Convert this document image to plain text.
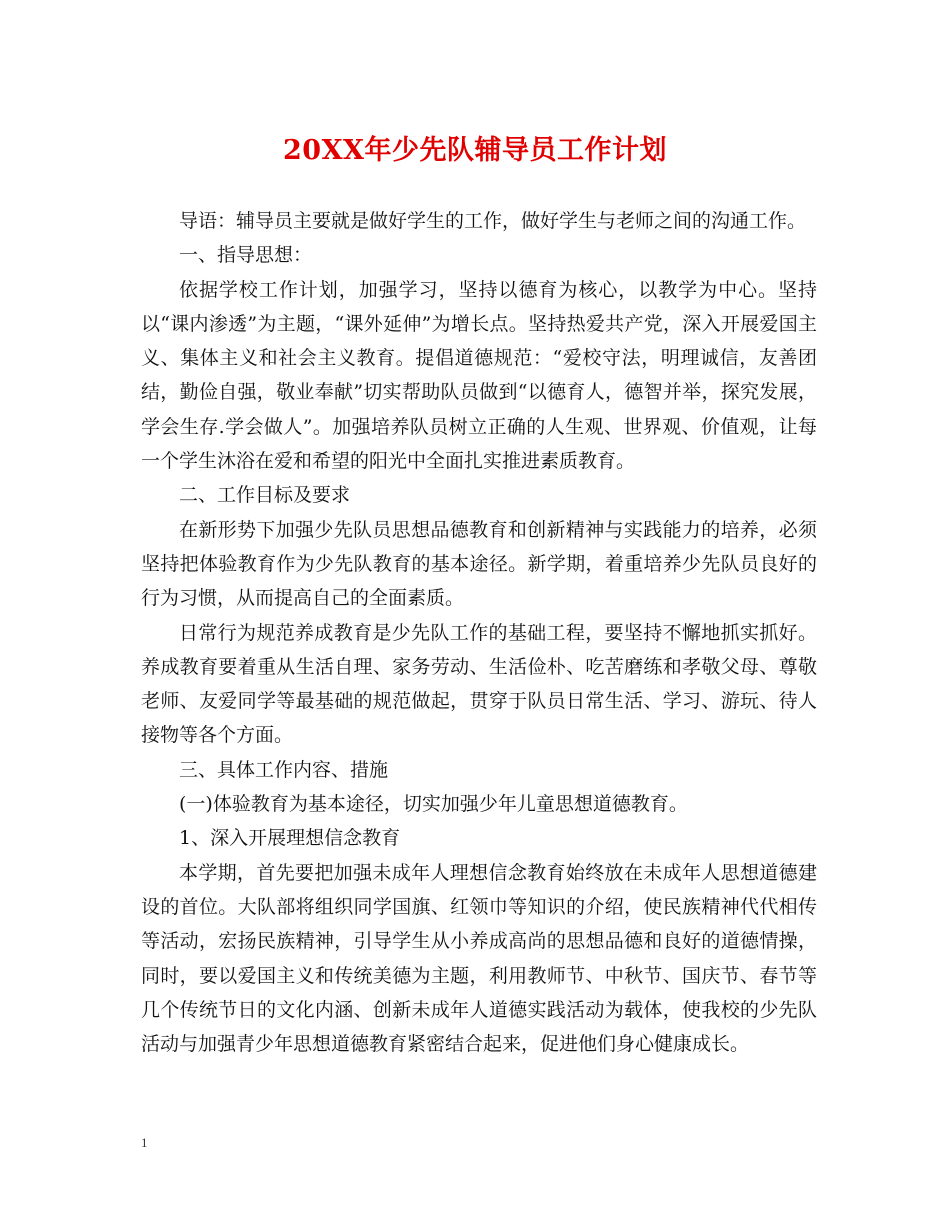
20XX年少先队辅导员工作计划

导语：辅导员主要就是做好学生的工作，做好学生与老师之间的沟通工作。

一、指导思想：

依据学校工作计划，加强学习，坚持以德育为核心，以教学为中心。坚持以“课内渗透”为主题，“课外延伸”为增长点。坚持热爱共产党，深入开展爱国主义、集体主义和社会主义教育。提倡道德规范：“爱校守法，明理诚信，友善团结，勤俭自强，敬业奉献”切实帮助队员做到“以德育人，德智并举，探究发展，学会生存.学会做人”。加强培养队员树立正确的人生观、世界观、价值观，让每一个学生沐浴在爱和希望的阳光中全面扎实推进素质教育。

二、工作目标及要求

在新形势下加强少先队员思想品德教育和创新精神与实践能力的培养，必须坚持把体验教育作为少先队教育的基本途径。新学期，着重培养少先队员良好的行为习惯，从而提高自己的全面素质。

日常行为规范养成教育是少先队工作的基础工程，要坚持不懈地抓实抓好。养成教育要着重从生活自理、家务劳动、生活俭朴、吃苦磨练和孝敬父母、尊敬老师、友爱同学等最基础的规范做起，贯穿于队员日常生活、学习、游玩、待人接物等各个方面。

三、具体工作内容、措施

(一)体验教育为基本途径，切实加强少年儿童思想道德教育。

1、深入开展理想信念教育

本学期，首先要把加强未成年人理想信念教育始终放在未成年人思想道德建设的首位。大队部将组织同学国旗、红领巾等知识的介绍，使民族精神代代相传等活动，宏扬民族精神，引导学生从小养成高尚的思想品德和良好的道德情操，同时，要以爱国主义和传统美德为主题，利用教师节、中秋节、国庆节、春节等几个传统节日的文化内涵、创新未成年人道德实践活动为载体，使我校的少先队活动与加强青少年思想道德教育紧密结合起来，促进他们身心健康成长。

1
